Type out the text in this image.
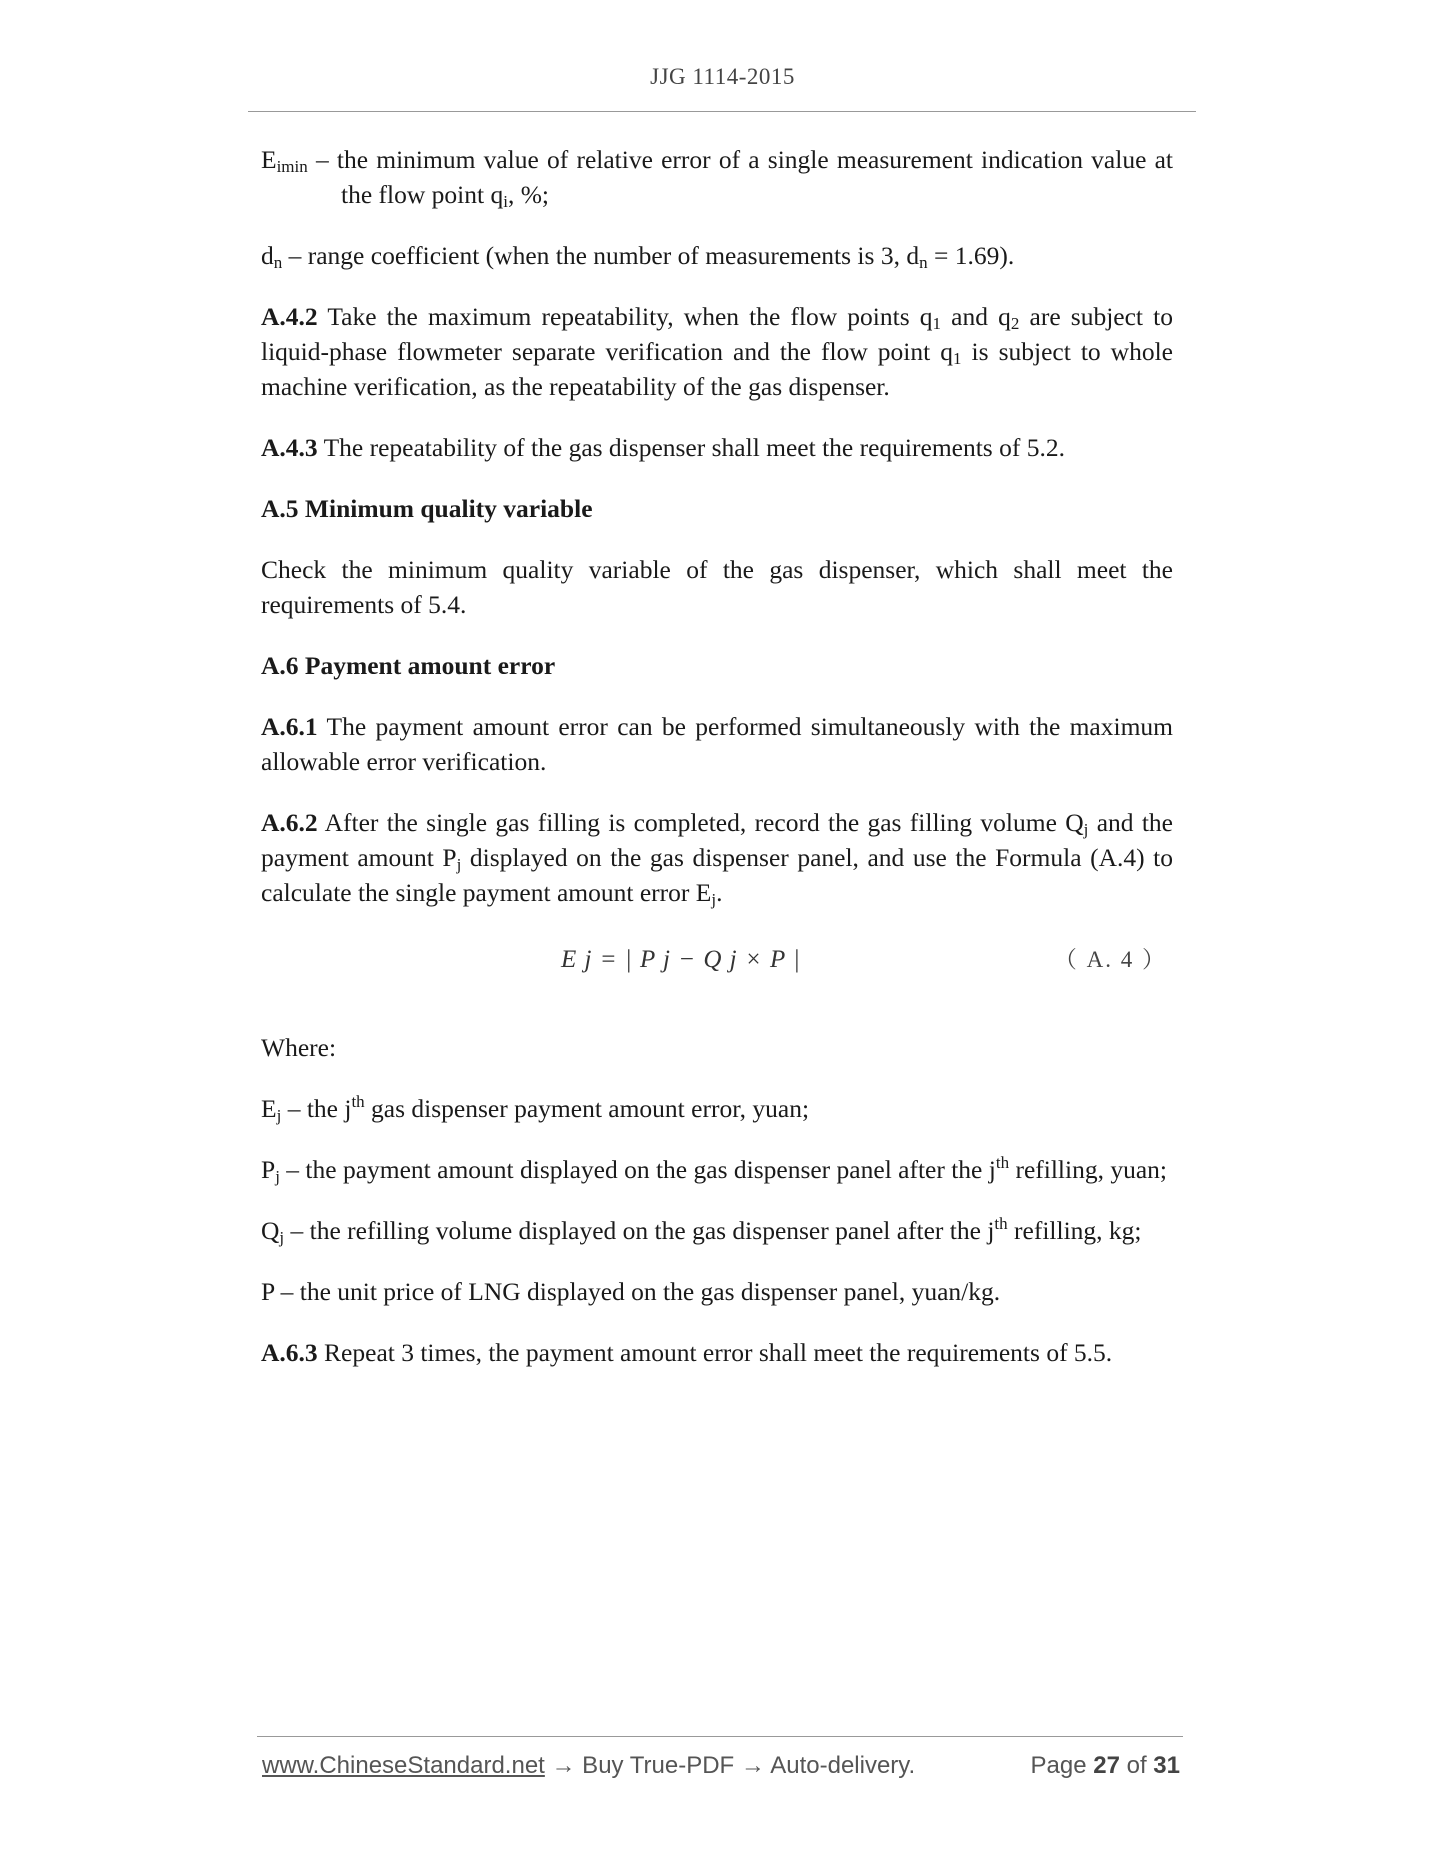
JJG 1114-2015

$E_{imin}$ – the minimum value of relative error of a single measurement indication value at the flow point $q_i$, %;

$d_n$ – range coefficient (when the number of measurements is 3, $d_n = 1.69$).

A.4.2 Take the maximum repeatability, when the flow points $q_1$ and $q_2$ are subject to liquid-phase flowmeter separate verification and the flow point $q_1$ is subject to whole machine verification, as the repeatability of the gas dispenser.

A.4.3 The repeatability of the gas dispenser shall meet the requirements of 5.2.

A.5 Minimum quality variable

Check the minimum quality variable of the gas dispenser, which shall meet the requirements of 5.4.

A.6 Payment amount error

A.6.1 The payment amount error can be performed simultaneously with the maximum allowable error verification.

A.6.2 After the single gas filling is completed, record the gas filling volume $Q_j$ and the payment amount $P_j$ displayed on the gas dispenser panel, and use the Formula (A.4) to calculate the single payment amount error $E_j$.

E j = | P j − Q j × P |	（ A. 4 ）

Where:

$E_j$ – the $j^{th}$ gas dispenser payment amount error, yuan;

$P_j$ – the payment amount displayed on the gas dispenser panel after the $j^{th}$ refilling, yuan;

$Q_j$ – the refilling volume displayed on the gas dispenser panel after the $j^{th}$ refilling, kg;

P – the unit price of LNG displayed on the gas dispenser panel, yuan/kg.

A.6.3 Repeat 3 times, the payment amount error shall meet the requirements of 5.5.

www.ChineseStandard.net → Buy True-PDF → Auto-delivery.	Page 27 of 31
